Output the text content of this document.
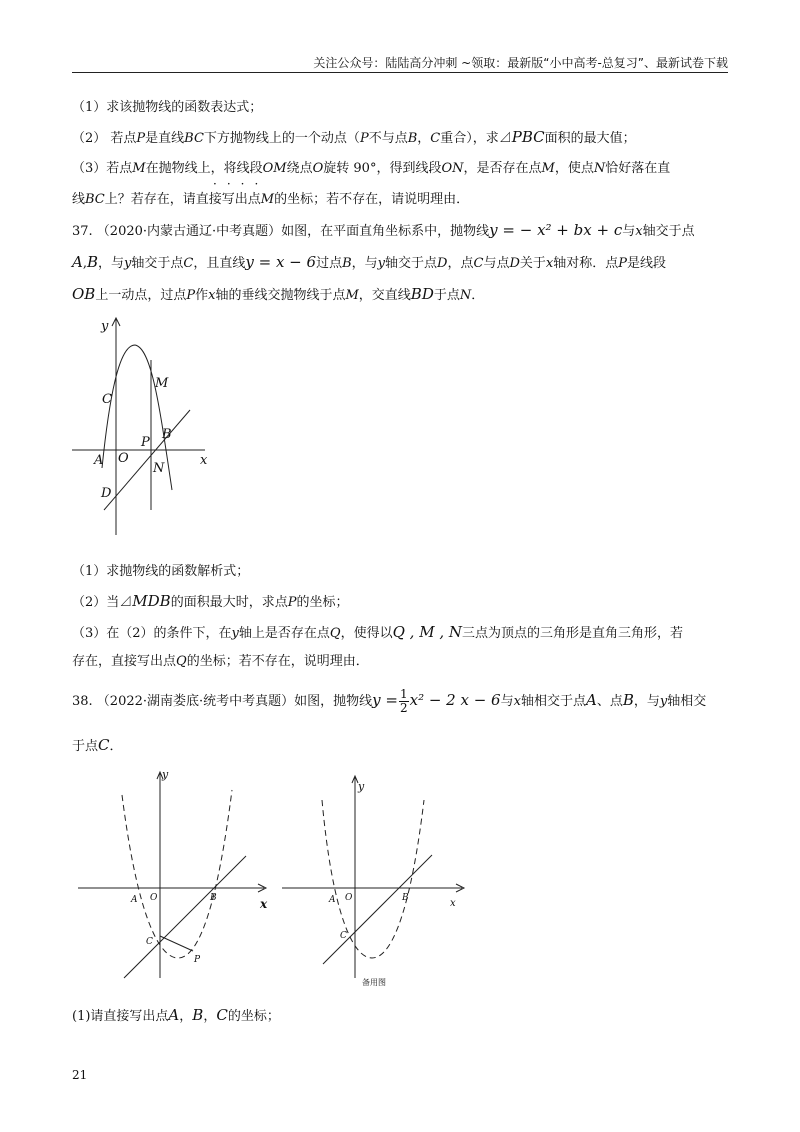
关注公众号：陆陆高分冲刺 ~领取：最新版“小中高考-总复习”、最新试卷下载
（1）求该抛物线的函数表达式；
（2） 若点P是直线BC下方抛物线上的一个动点（P不与点B，C重合），求⊿PBC面积的最大值；
（3）若点M在抛物线上，将线段OM绕点O旋转 90°，得到线段ON，是否存在点M，使点N恰好落在直
····
线BC上？若存在，请直接写出点M的坐标；若不存在，请说明理由．
37. （2020·内蒙古通辽·中考真题）如图，在平面直角坐标系中，抛物线y = − x² + bx + c与x轴交于点
A,B，与y轴交于点C，且直线y = x − 6过点B，与y轴交于点D，点C与点D关于x轴对称．点P是线段
OB上一动点，过点P作x轴的垂线交抛物线于点M，交直线BD于点N．
y
x
C
M
P
B
A O
N
D
（1）求抛物线的函数解析式；
（2）当⊿MDB的面积最大时，求点P的坐标；
（3）在（2）的条件下，在y轴上是否存在点Q，使得以Q , M , N三点为顶点的三角形是直角三角形，若
存在，直接写出点Q的坐标；若不存在，说明理由．
38. （2022·湖南娄底·统考中考真题）如图，抛物线$y = \frac{1}{2} x^2 - 2$ x − 6与x轴相交于点A、点B，与y轴相交
于点C．
y
x
A O	B
C
P
y
x
A O	B
C
备用图
(1)请直接写出点A，B，C的坐标；
21
